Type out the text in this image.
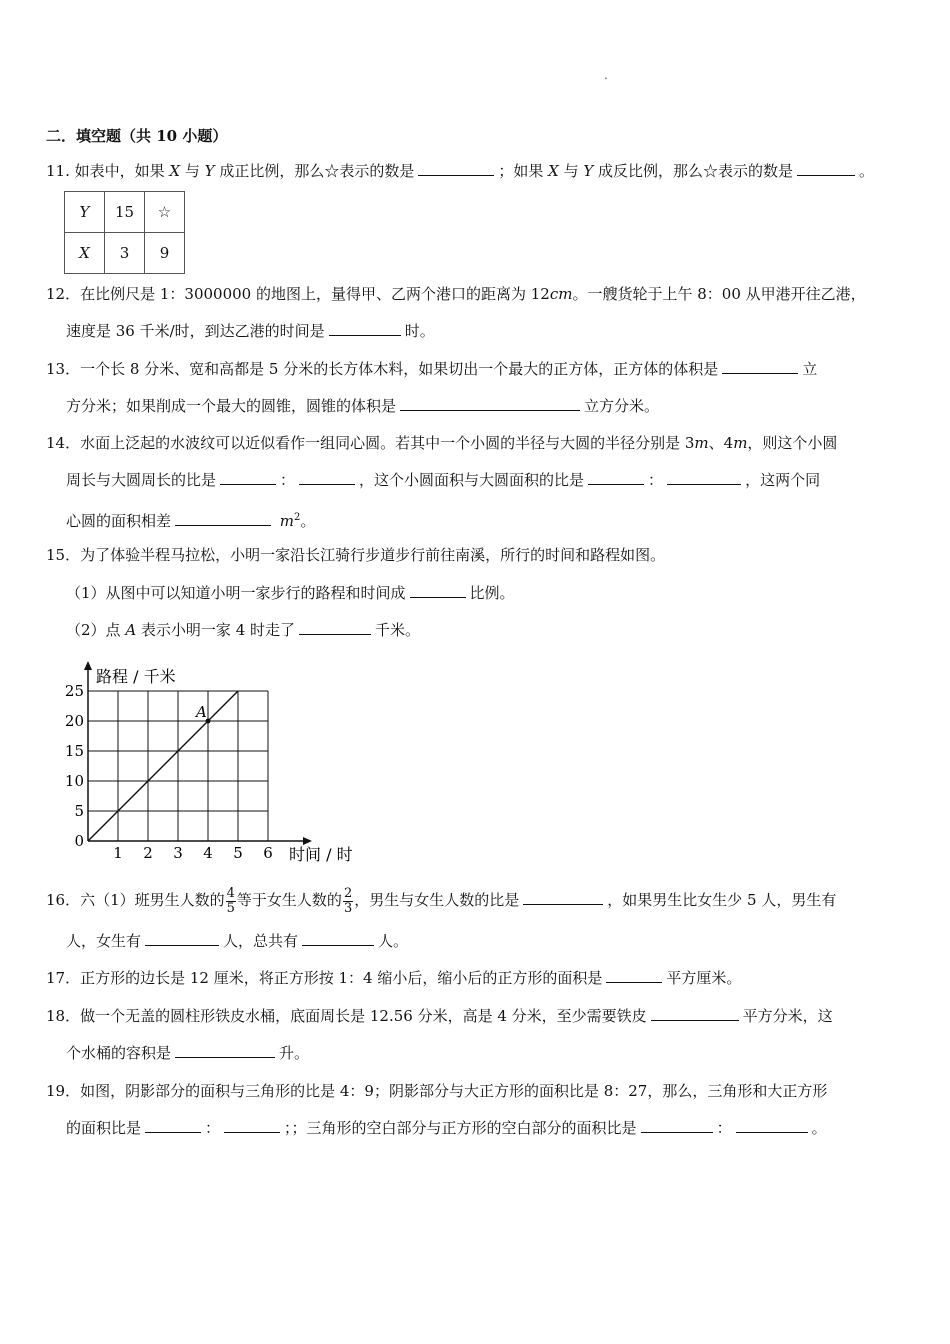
.
二．填空题（共 10 小题）
11. 如表中，如果 X 与 Y 成正比例，那么☆表示的数是	；如果 X 与 Y 成反比例，那么☆表示的数是	。
Y	15	☆
X	3	9
12．在比例尺是 1：3000000 的地图上，量得甲、乙两个港口的距离为 12cm。一艘货轮于上午 8：00 从甲港开往乙港，
速度是 36 千米/时，到达乙港的时间是	时。
13．一个长 8 分米、宽和高都是 5 分米的长方体木料，如果切出一个最大的正方体，正方体的体积是	立
方分米；如果削成一个最大的圆锥，圆锥的体积是	立方分米。
14．水面上泛起的水波纹可以近似看作一组同心圆。若其中一个小圆的半径与大圆的半径分别是 3m、4m，则这个小圆
周长与大圆周长的比是	：	，这个小圆面积与大圆面积的比是	：	，这两个同
心圆的面积相差	$m^2$。
15．为了体验半程马拉松，小明一家沿长江骑行步道步行前往南溪，所行的时间和路程如图。
（1）从图中可以知道小明一家步行的路程和时间成	比例。
（2）点 A 表示小明一家 4 时走了	千米。
1 2 3 4 5 6
0
5
10
15
20
25
A
路程 / 千米
时间 / 时
16．六（1）班男生人数的 $\frac{4}{5}$ 等于女生人数的 $\frac{2}{3}$ ，男生与女生人数的比是	，如果男生比女生少 5 人，男生有
人，女生有	人，总共有	人。
17．正方形的边长是 12 厘米，将正方形按 1：4 缩小后，缩小后的正方形的面积是	平方厘米。
18．做一个无盖的圆柱形铁皮水桶，底面周长是 12.56 分米，高是 4 分米，至少需要铁皮	平方分米，这
个水桶的容积是	升。
19．如图，阴影部分的面积与三角形的比是 4：9；阴影部分与大正方形的面积比是 8：27，那么，三角形和大正方形
的面积比是	：	；；三角形的空白部分与正方形的空白部分的面积比是	：	。
